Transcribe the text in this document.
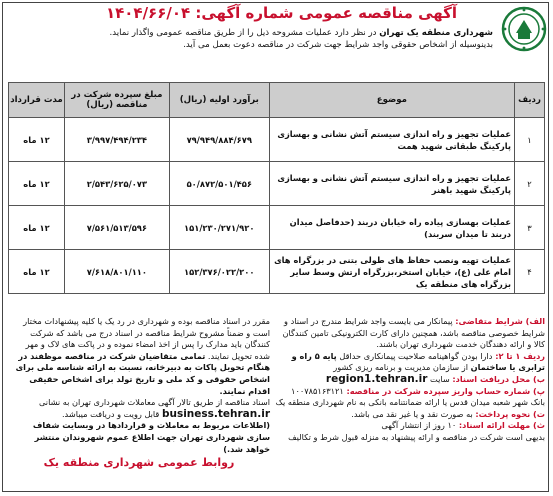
آگهی مناقصه عمومی شماره آگهی: ۱۴۰۴/۶۶/۰۴
شهرداری منطقه یک تهران در نظر دارد عملیات مشروحه ذیل را از طریق مناقصه عمومی واگذار نماید.
بدینوسیله از اشخاص حقوقی واجد شرایط جهت شرکت در مناقصه دعوت بعمل می آید.
ردیف	موضوع	برآورد اولیه (ریال)	مبلغ سپرده شرکت در مناقصه (ریال)	مدت قرارداد
۱	عملیات تجهیز و راه اندازی سیستم آتش نشانی و بهسازی پارکینگ طبقاتی شهید همت	۷۹/۹۴۹/۸۸۴/۶۷۹	۳/۹۹۷/۴۹۴/۲۳۴	۱۲ ماه
۲	عملیات تجهیز و راه اندازی سیستم آتش نشانی و بهسازی پارکینگ شهید باهنر	۵۰/۸۷۲/۵۰۱/۴۵۶	۲/۵۴۳/۶۲۵/۰۷۳	۱۲ ماه
۳	عملیات بهسازی پیاده راه خیابان دربند (حدفاصل میدان دربند تا میدان سربند)	۱۵۱/۲۳۰/۲۷۱/۹۲۰	۷/۵۶۱/۵۱۳/۵۹۶	۱۲ ماه
۴	عملیات تهیه ونصب حفاظ های طولی بتنی در بزرگراه های امام علی (ع)، خیابان استخر،بزرگراه ارتش وسط سایر بزرگراه های منطقه یک	۱۵۲/۳۷۶/۰۲۲/۲۰۰	۷/۶۱۸/۸۰۱/۱۱۰	۱۲ ماه
الف) شرایط متقاضی: پیمانکار می بایست واجد شرایط مندرج در اسناد و شرایط خصوصی مناقصه باشد، همچنین دارای کارت الکترونیکی تامین کنندگان کالا و ارائه دهندگان خدمت شهرداری تهران باشند.
ردیف ۱ تا ۲: دارا بودن گواهینامه صلاحیت پیمانکاری حداقل پایه ۵ راه و ترابری یا ساختمان از سازمان مدیریت و برنامه ریزی کشور
ب) محل دریافت اسناد: سایت region1.tehran.ir
پ) شماره حساب واریز سپرده شرکت در مناقصه: ۱۰۰۷۸۵۱۶۳۱۲۱ بانک شهر شعبه میدان قدس یا ارائه ضمانتنامه بانکی به نام شهرداری منطقه یک
ت) نحوه پرداخت: به صورت نقد و یا غیر نقد می باشد.
ث) مهلت ارائه اسناد: ۱۰ روز از انتشار آگهی
بدیهی است شرکت در مناقصه و ارائه پیشنهاد به منزله قبول شرط و تکالیف
مقرر در اسناد مناقصه بوده و شهرداری در رد یک یا کلیه پیشنهادات مختار است و ضمناً مشروح شرایط مناقصه در اسناد درج می باشد که شرکت کنندگان باید مدارک را پس از اخذ امضاء نموده و در پاکت های لاک و مهر شده تحویل نمایند. تمامی متقاضیان شرکت در مناقصه موظفند در هنگام تحویل پاکات به دبیرخانه، نسبت به ارائه شناسه ملی برای اشخاص حقوقی و کد ملی و تاریخ تولد برای اشخاص حقیقی اقدام نمایند.
اسناد مناقصه از طریق تالار آگهی معاملات شهرداری تهران به نشانی business.tehran.ir قابل رویت و دریافت میباشد.
(اطلاعات مربوط به معاملات و قراردادها در وبسایت شفاف سازی شهرداری تهران جهت اطلاع عموم شهروندان منتشر خواهد شد.)
روابط عمومی شهرداری منطقه یک
